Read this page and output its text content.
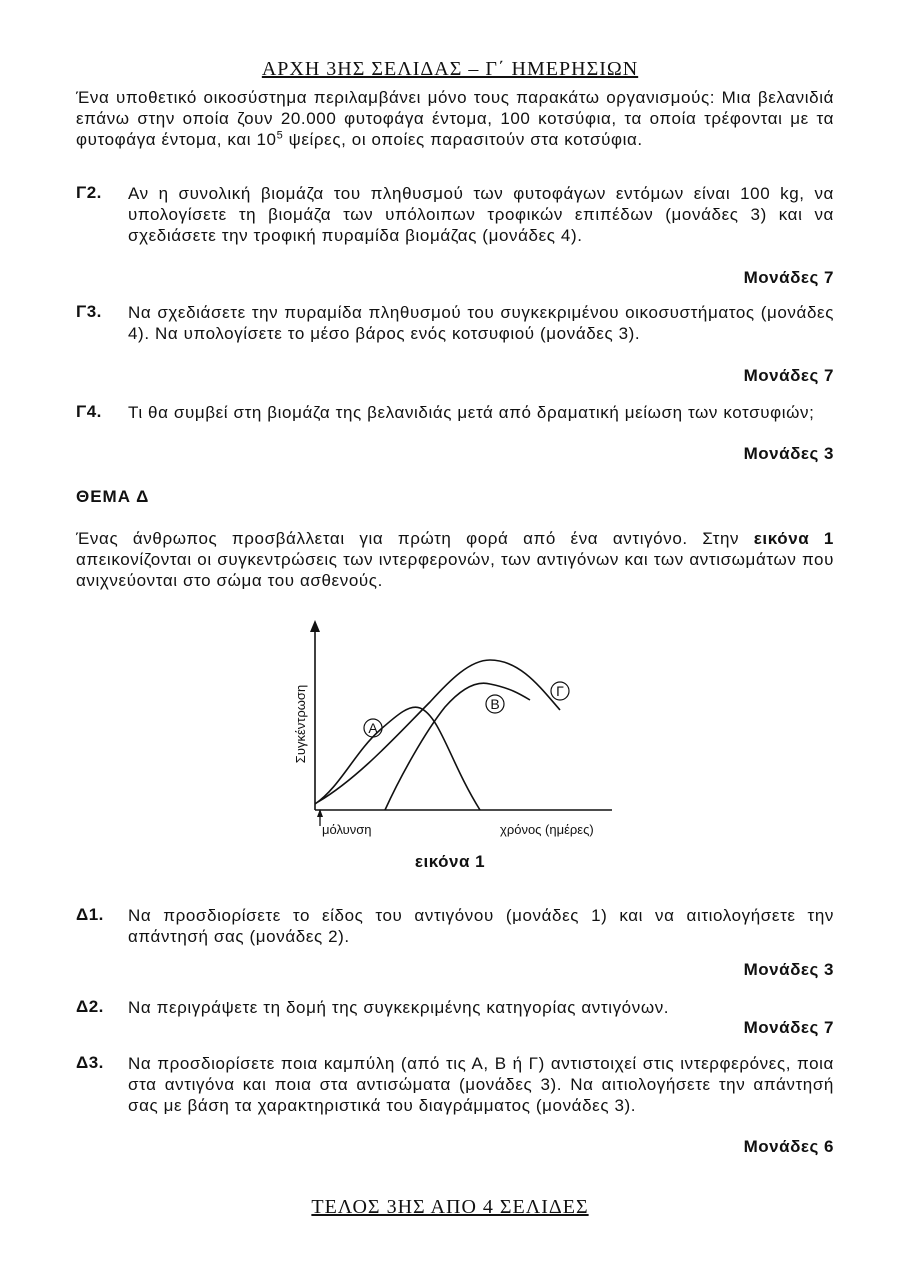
ΑΡΧΗ 3ΗΣ ΣΕΛΙΔΑΣ – Γ΄ ΗΜΕΡΗΣΙΩΝ
Ένα υποθετικό οικοσύστημα περιλαμβάνει μόνο τους παρακάτω οργανισμούς: Μια βελανιδιά επάνω στην οποία ζουν 20.000 φυτοφάγα έντομα, 100 κοτσύφια, τα οποία τρέφονται με τα φυτοφάγα έντομα, και $10^5$ ψείρες, οι οποίες παρασιτούν στα κοτσύφια.
Γ2. Αν η συνολική βιομάζα του πληθυσμού των φυτοφάγων εντόμων είναι 100 kg, να υπολογίσετε τη βιομάζα των υπόλοιπων τροφικών επιπέδων (μονάδες 3) και να σχεδιάσετε την τροφική πυραμίδα βιομάζας (μονάδες 4).
Μονάδες 7
Γ3. Να σχεδιάσετε την πυραμίδα πληθυσμού του συγκεκριμένου οικοσυστήματος (μονάδες 4). Να υπολογίσετε το μέσο βάρος ενός κοτσυφιού (μονάδες 3).
Μονάδες 7
Γ4. Τι θα συμβεί στη βιομάζα της βελανιδιάς μετά από δραματική μείωση των κοτσυφιών;
Μονάδες 3
ΘΕΜΑ Δ
Ένας άνθρωπος προσβάλλεται για πρώτη φορά από ένα αντιγόνο. Στην εικόνα 1 απεικονίζονται οι συγκεντρώσεις των ιντερφερονών, των αντιγόνων και των αντισωμάτων που ανιχνεύονται στο σώμα του ασθενούς.
Α
Β
Γ
Συγκέντρωση
μόλυνση	χρόνος (ημέρες)
εικόνα 1
Δ1. Να προσδιορίσετε το είδος του αντιγόνου (μονάδες 1) και να αιτιολογήσετε την απάντησή σας (μονάδες 2).
Μονάδες 3
Δ2. Να περιγράψετε τη δομή της συγκεκριμένης κατηγορίας αντιγόνων.
Μονάδες 7
Δ3. Να προσδιορίσετε ποια καμπύλη (από τις Α, Β ή Γ) αντιστοιχεί στις ιντερφερόνες, ποια στα αντιγόνα και ποια στα αντισώματα (μονάδες 3). Να αιτιολογήσετε την απάντησή σας με βάση τα χαρακτηριστικά του διαγράμματος (μονάδες 3).
Μονάδες 6
ΤΕΛΟΣ 3ΗΣ ΑΠΟ 4 ΣΕΛΙΔΕΣ
